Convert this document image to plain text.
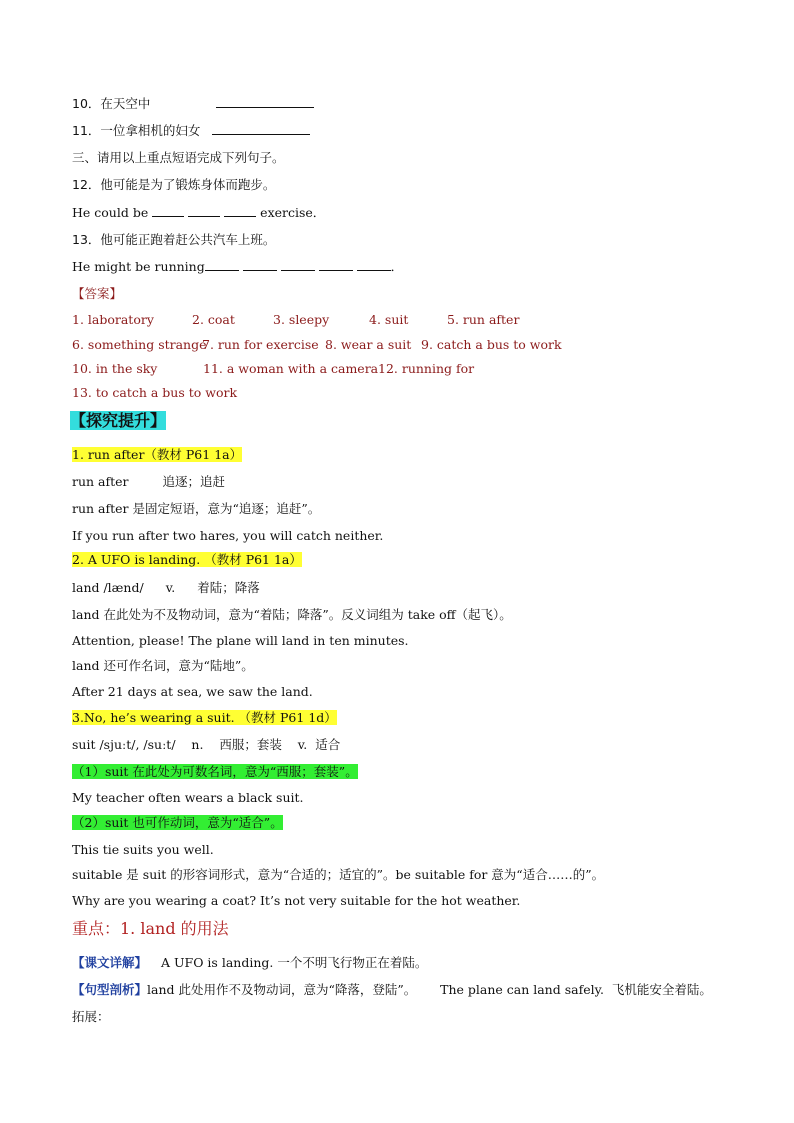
10．在天空中
11．一位拿相机的妇女
三、请用以上重点短语完成下列句子。
12．他可能是为了锻炼身体而跑步。
He could be	exercise．
13．他可能正跑着赶公共汽车上班。
He might be running	．
【答案】
1. laboratory	2. coat	3. sleepy	4. suit	5. run after
6. something strange
7. run for exercise 8. wear a suit 9. catch a bus to work
10. in the sky	11. a woman with a camera 12. running for
13. to catch a bus to work
【探究提升】
1. run after（教材 P61 1a）
run after	追逐；追赶
run after 是固定短语，意为“追逐；追赶”。
If you run after two hares, you will catch neither.
2. A UFO is landing. （教材 P61 1a）
land /lænd/ v. 着陆；降落
land 在此处为不及物动词，意为“着陆；降落”。反义词组为 take off（起飞）。
Attention, please! The plane will land in ten minutes.
land 还可作名词，意为“陆地”。
After 21 days at sea, we saw the land.
3.No, he’s wearing a suit. （教材 P61 1d）
suit /sjuːt/, /suːt/    n.    西服；套装    v.  适合
（1）suit 在此处为可数名词，意为“西服；套装”。
My teacher often wears a black suit.
（2）suit 也可作动词，意为“适合”。
This tie suits you well.
suitable 是 suit 的形容词形式，意为“合适的；适宜的”。be suitable for 意为“适合……的”。
Why are you wearing a coat? It’s not very suitable for the hot weather.
重点：1. land 的用法
【课文详解】 A UFO is landing. 一个不明飞行物正在着陆。
【句型剖析】land 此处用作不及物动词，意为“降落，登陆”。      The plane can land safely.  飞机能安全着陆。
拓展：
